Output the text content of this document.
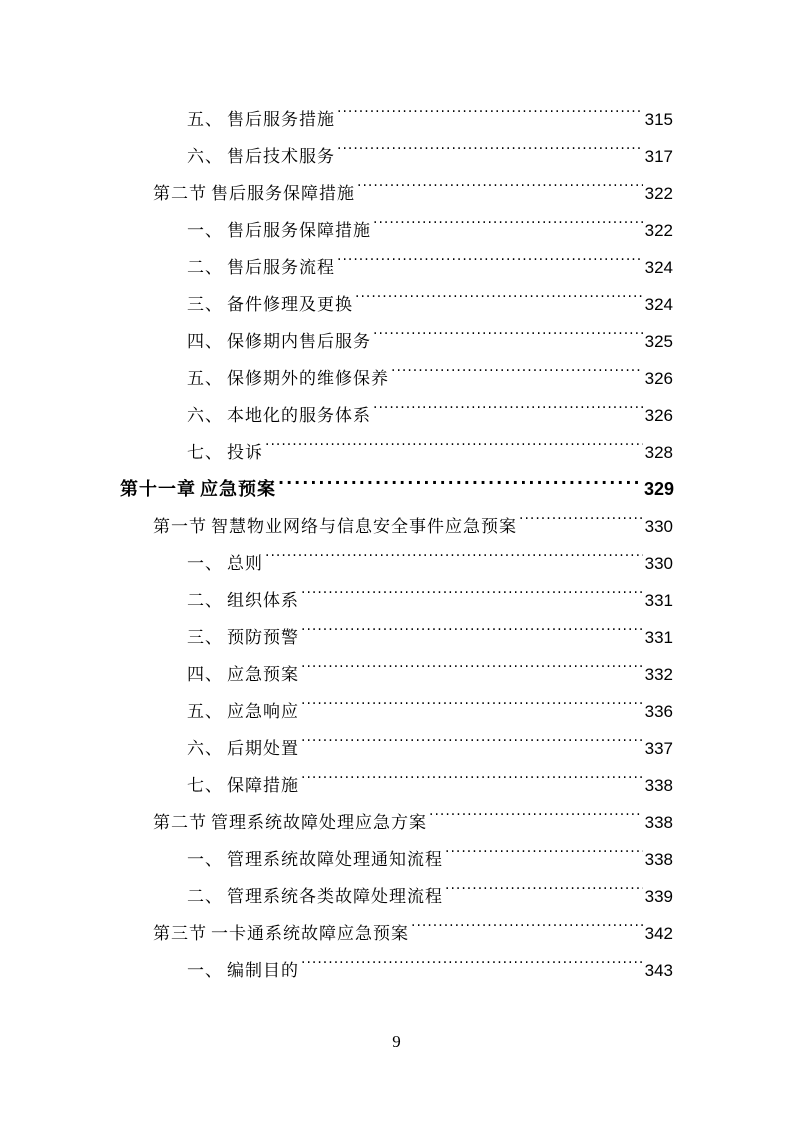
五、 售后服务措施 .....	315
六、 售后技术服务 .....	317
第二节 售后服务保障措施 .....	322
一、 售后服务保障措施 .....	322
二、 售后服务流程 .....	324
三、 备件修理及更换 .....	324
四、 保修期内售后服务 .....	325
五、 保修期外的维修保养 .....	326
六、 本地化的服务体系 .....	326
七、 投诉 .....	328
第十一章 应急预案 .....	329
第一节 智慧物业网络与信息安全事件应急预案 .....	330
一、 总则 .....	330
二、 组织体系 .....	331
三、 预防预警 .....	331
四、 应急预案 .....	332
五、 应急响应 .....	336
六、 后期处置 .....	337
七、 保障措施 .....	338
第二节 管理系统故障处理应急方案 .....	338
一、 管理系统故障处理通知流程 .....	338
二、 管理系统各类故障处理流程 .....	339
第三节 一卡通系统故障应急预案 .....	342
一、 编制目的 .....	343
9
